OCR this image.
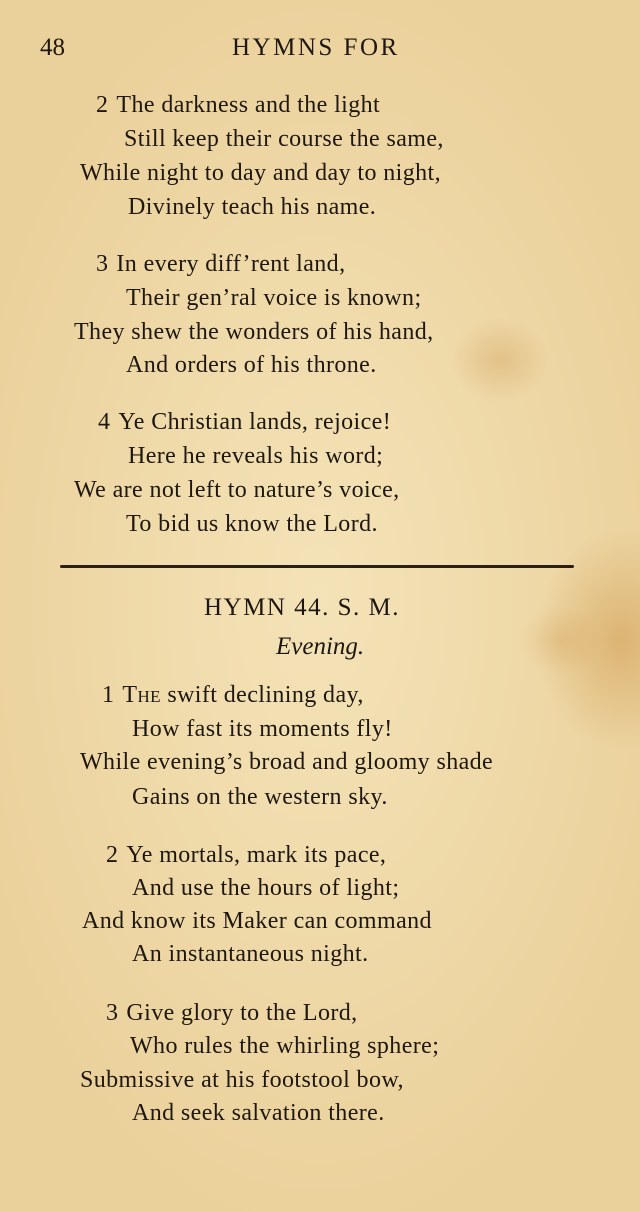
48	HYMNS FOR
2 The darkness and the light
Still keep their course the same,
While night to day and day to night,
Divinely teach his name.
3 In every diff’rent land,
Their gen’ral voice is known;
They shew the wonders of his hand,
And orders of his throne.
4 Ye Christian lands, rejoice!
Here he reveals his word;
We are not left to nature’s voice,
To bid us know the Lord.
HYMN 44. S. M.
Evening.
1 The swift declining day,
How fast its moments fly!
While evening’s broad and gloomy shade
Gains on the western sky.
2 Ye mortals, mark its pace,
And use the hours of light;
And know its Maker can command
An instantaneous night.
3 Give glory to the Lord,
Who rules the whirling sphere;
Submissive at his footstool bow,
And seek salvation there.
